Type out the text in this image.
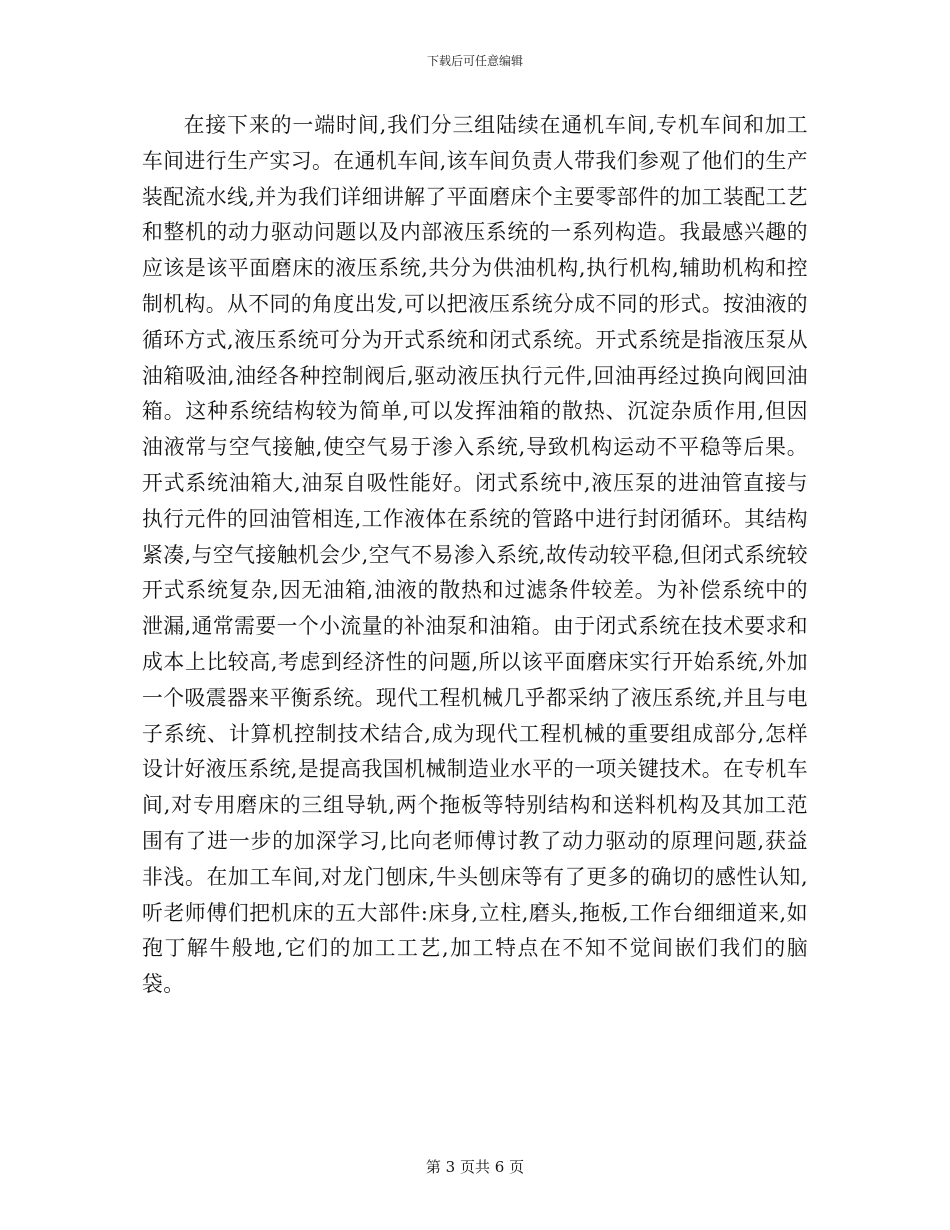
下载后可任意编辑

在接下来的一端时间,我们分三组陆续在通机车间,专机车间和加工车间进行生产实习。在通机车间,该车间负责人带我们参观了他们的生产装配流水线,并为我们详细讲解了平面磨床个主要零部件的加工装配工艺和整机的动力驱动问题以及内部液压系统的一系列构造。我最感兴趣的应该是该平面磨床的液压系统,共分为供油机构,执行机构,辅助机构和控制机构。从不同的角度出发,可以把液压系统分成不同的形式。按油液的循环方式,液压系统可分为开式系统和闭式系统。开式系统是指液压泵从油箱吸油,油经各种控制阀后,驱动液压执行元件,回油再经过换向阀回油箱。这种系统结构较为简单,可以发挥油箱的散热、沉淀杂质作用,但因油液常与空气接触,使空气易于渗入系统,导致机构运动不平稳等后果。开式系统油箱大,油泵自吸性能好。闭式系统中,液压泵的进油管直接与执行元件的回油管相连,工作液体在系统的管路中进行封闭循环。其结构紧凑,与空气接触机会少,空气不易渗入系统,故传动较平稳,但闭式系统较开式系统复杂,因无油箱,油液的散热和过滤条件较差。为补偿系统中的泄漏,通常需要一个小流量的补油泵和油箱。由于闭式系统在技术要求和成本上比较高,考虑到经济性的问题,所以该平面磨床实行开始系统,外加一个吸震器来平衡系统。现代工程机械几乎都采纳了液压系统,并且与电子系统、计算机控制技术结合,成为现代工程机械的重要组成部分,怎样设计好液压系统,是提高我国机械制造业水平的一项关键技术。在专机车间,对专用磨床的三组导轨,两个拖板等特别结构和送料机构及其加工范围有了进一步的加深学习,比向老师傅讨教了动力驱动的原理问题,获益非浅。在加工车间,对龙门刨床,牛头刨床等有了更多的确切的感性认知,听老师傅们把机床的五大部件:床身,立柱,磨头,拖板,工作台细细道来,如孢丁解牛般地,它们的加工工艺,加工特点在不知不觉间嵌们我们的脑袋。

第 3 页共 6 页
